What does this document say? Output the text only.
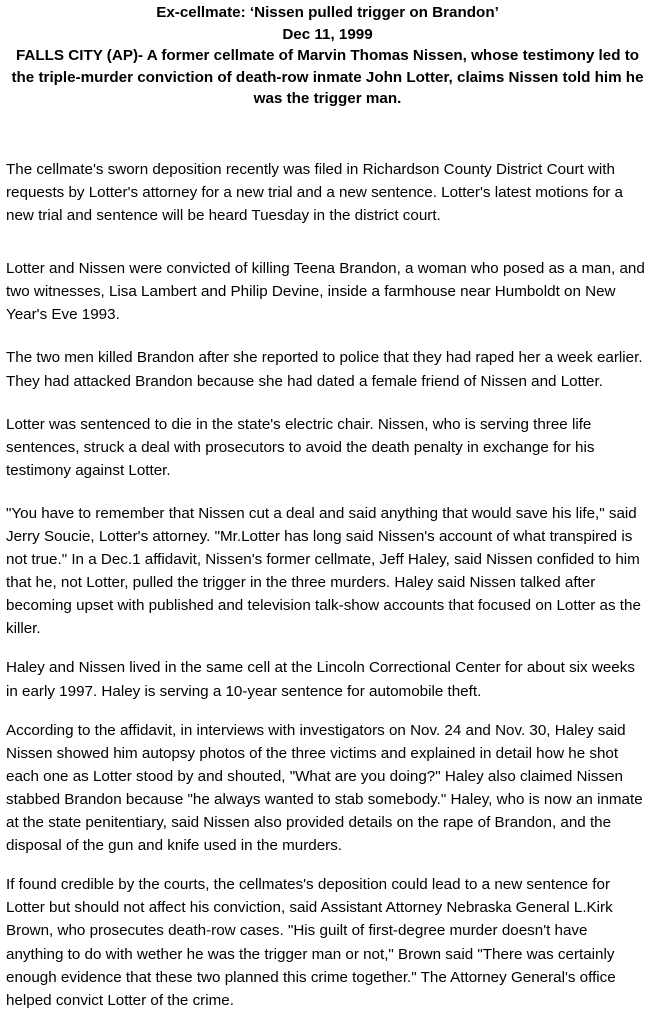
Ex-cellmate: ‘Nissen pulled trigger on Brandon’
Dec 11, 1999
FALLS CITY (AP)- A former cellmate of Marvin Thomas Nissen, whose testimony led to the triple-murder conviction of death-row inmate John Lotter, claims Nissen told him he was the trigger man.

The cellmate's sworn deposition recently was filed in Richardson County District Court with requests by Lotter's attorney for a new trial and a new sentence. Lotter's latest motions for a new trial and sentence will be heard Tuesday in the district court.

Lotter and Nissen were convicted of killing Teena Brandon, a woman who posed as a man, and two witnesses, Lisa Lambert and Philip Devine, inside a farmhouse near Humboldt on New Year's Eve 1993.

The two men killed Brandon after she reported to police that they had raped her a week earlier. They had attacked Brandon because she had dated a female friend of Nissen and Lotter.

Lotter was sentenced to die in the state's electric chair. Nissen, who is serving three life sentences, struck a deal with prosecutors to avoid the death penalty in exchange for his testimony against Lotter.

"You have to remember that Nissen cut a deal and said anything that would save his life," said Jerry Soucie, Lotter's attorney. "Mr.Lotter has long said Nissen's account of what transpired is not true." In a Dec.1 affidavit, Nissen's former cellmate, Jeff Haley, said Nissen confided to him that he, not Lotter, pulled the trigger in the three murders. Haley said Nissen talked after becoming upset with published and television talk-show accounts that focused on Lotter as the killer.

Haley and Nissen lived in the same cell at the Lincoln Correctional Center for about six weeks in early 1997. Haley is serving a 10-year sentence for automobile theft.

According to the affidavit, in interviews with investigators on Nov. 24 and Nov. 30, Haley said Nissen showed him autopsy photos of the three victims and explained in detail how he shot each one as Lotter stood by and shouted, "What are you doing?" Haley also claimed Nissen stabbed Brandon because "he always wanted to stab somebody." Haley, who is now an inmate at the state penitentiary, said Nissen also provided details on the rape of Brandon, and the disposal of the gun and knife used in the murders.

If found credible by the courts, the cellmates's deposition could lead to a new sentence for Lotter but should not affect his conviction, said Assistant Attorney Nebraska General L.Kirk Brown, who prosecutes death-row cases. "His guilt of first-degree murder doesn't have anything to do with wether he was the trigger man or not," Brown said "There was certainly enough evidence that these two planned this crime together." The Attorney General's office helped convict Lotter of the crime.
